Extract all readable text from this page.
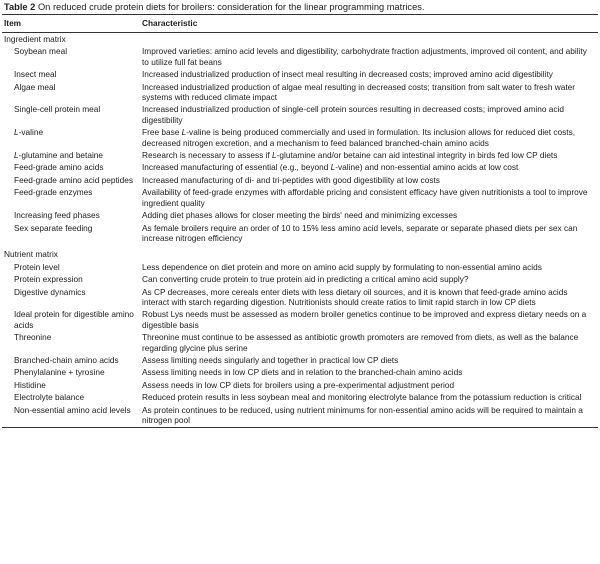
Table 2 On reduced crude protein diets for broilers: consideration for the linear programming matrices.
Item	Characteristic
Ingredient matrix	
Soybean meal	Improved varieties: amino acid levels and digestibility, carbohydrate fraction adjustments, improved oil content, and ability to utilize full fat beans
Insect meal	Increased industrialized production of insect meal resulting in decreased costs; improved amino acid digestibility
Algae meal	Increased industrialized production of algae meal resulting in decreased costs; transition from salt water to fresh water systems with reduced climate impact
Single-cell protein meal	Increased industrialized production of single-cell protein sources resulting in decreased costs; improved amino acid digestibility
L-valine	Free base L-valine is being produced commercially and used in formulation. Its inclusion allows for reduced diet costs, decreased nitrogen excretion, and a mechanism to feed balanced branched-chain amino acids
L-glutamine and betaine	Research is necessary to assess if L-glutamine and/or betaine can aid intestinal integrity in birds fed low CP diets
Feed-grade amino acids	Increased manufacturing of essential (e.g., beyond L-valine) and non-essential amino acids at low cost
Feed-grade amino acid peptides	Increased manufacturing of di- and tri-peptides with good digestibility at low costs
Feed-grade enzymes	Availability of feed-grade enzymes with affordable pricing and consistent efficacy have given nutritionists a tool to improve ingredient quality
Increasing feed phases	Adding diet phases allows for closer meeting the birds' need and minimizing excesses
Sex separate feeding	As female broilers require an order of 10 to 15% less amino acid levels, separate or separate phased diets per sex can increase nitrogen efficiency

Nutrient matrix	
Protein level	Less dependence on diet protein and more on amino acid supply by formulating to non-essential amino acids
Protein expression	Can converting crude protein to true protein aid in predicting a critical amino acid supply?
Digestive dynamics	As CP decreases, more cereals enter diets with less dietary oil sources, and it is known that feed-grade amino acids interact with starch regarding digestion. Nutritionists should create ratios to limit rapid starch in low CP diets
Ideal protein for digestible amino acids	Robust Lys needs must be assessed as modern broiler genetics continue to be improved and express dietary needs on a digestible basis
Threonine	Threonine must continue to be assessed as antibiotic growth promoters are removed from diets, as well as the balance regarding glycine plus serine
Branched-chain amino acids	Assess limiting needs singularly and together in practical low CP diets
Phenylalanine + tyrosine	Assess limiting needs in low CP diets and in relation to the branched-chain amino acids
Histidine	Assess needs in low CP diets for broilers using a pre-experimental adjustment period
Electrolyte balance	Reduced protein results in less soybean meal and monitoring electrolyte balance from the potassium reduction is critical
Non-essential amino acid levels	As protein continues to be reduced, using nutrient minimums for non-essential amino acids will be required to maintain a nitrogen pool
